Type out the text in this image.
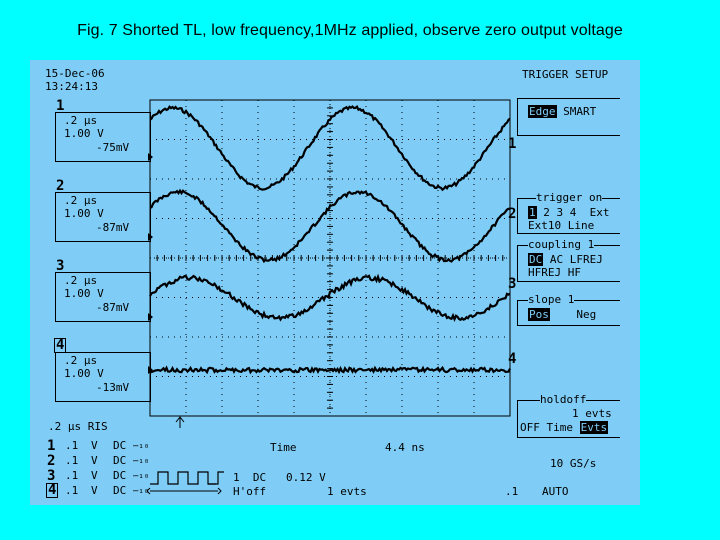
Fig. 7 Shorted TL, low frequency,1MHz applied, observe zero output voltage
15-Dec-06
13:24:13
1
.2 μs
1.00 V
-75mV
2
.2 μs
1.00 V
-87mV
3
.2 μs
1.00 V
-87mV
4
.2 μs
1.00 V
-13mV
1
2
3
4
TRIGGER SETUP
Edge SMART
trigger on
1 2 3 4 Ext
Ext10 Line
coupling 1
DC AC LFREJ
HFREJ HF
slope 1
Pos	Neg
holdoff
1 evts
OFF Time Evts
.2 μs RIS
1 .1 V DC ̶₁₀
2 .1 V DC ̶₁₀
3 .1 V DC ̶₁₀
4 .1 V DC ̶₁₀
Time	4.4 ns
1 DC 0.12 V
H'off	1 evts
10 GS/s
.1 AUTO
